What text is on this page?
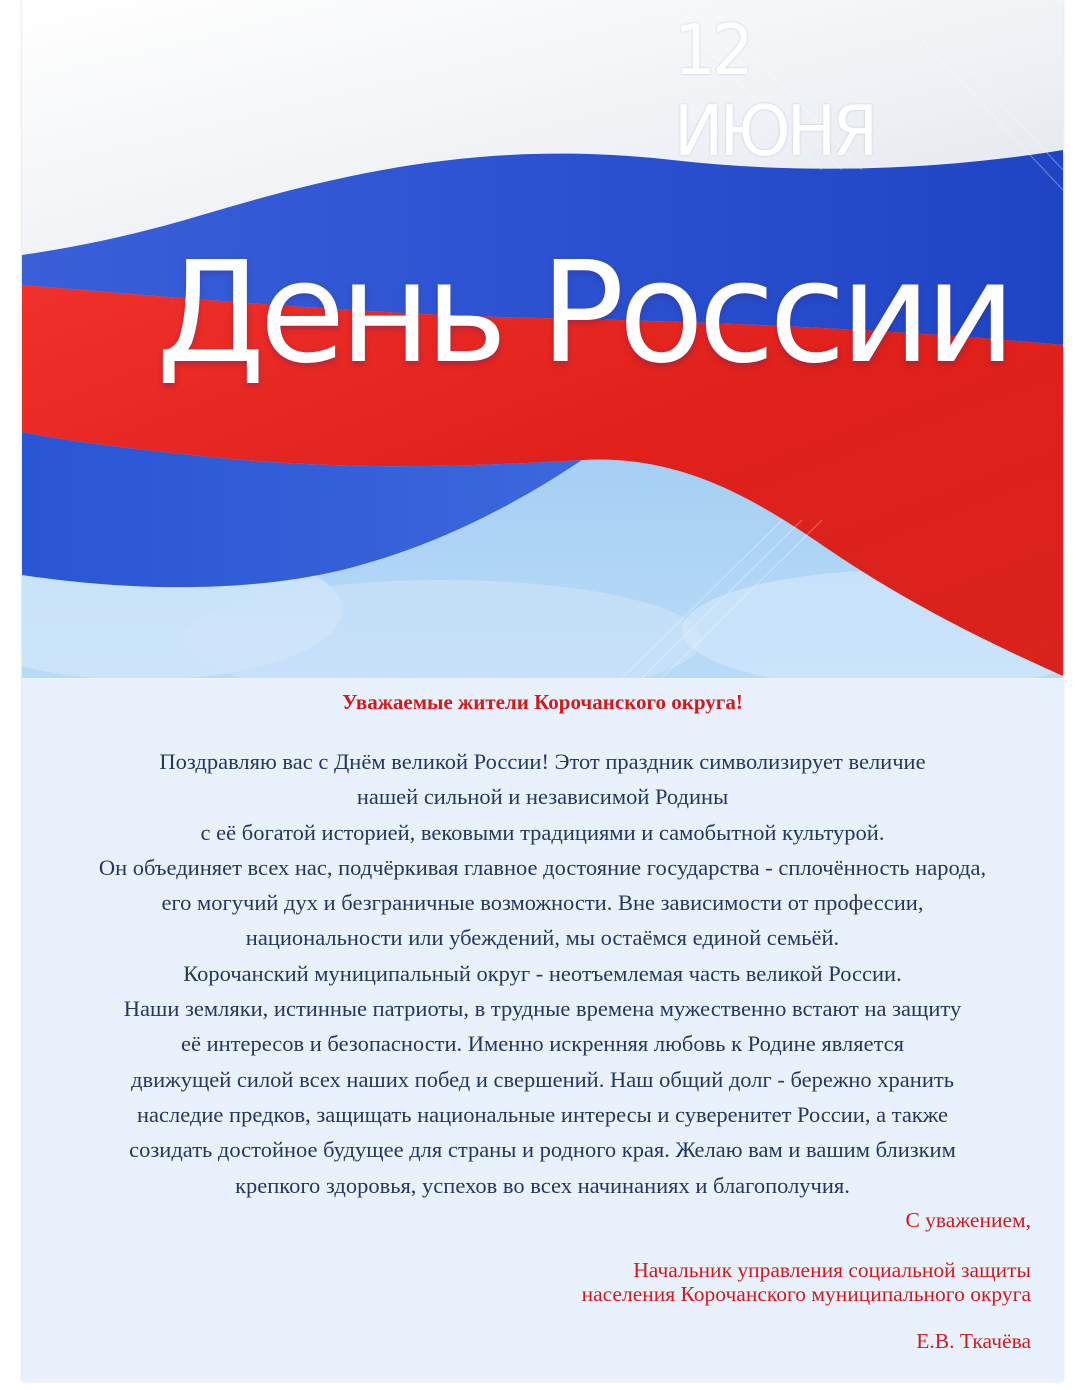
12 ИЮНЯ
День России
Уважаемые жители Корочанского округа!
Поздравляю вас с Днём великой России! Этот праздник символизирует величие
нашей сильной и независимой Родины
с её богатой историей, вековыми традициями и самобытной культурой.
Он объединяет всех нас, подчёркивая главное достояние государства - сплочённость народа,
его могучий дух и безграничные возможности. Вне зависимости от профессии,
национальности или убеждений, мы остаёмся единой семьёй.
Корочанский муниципальный округ - неотъемлемая часть великой России.
Наши земляки, истинные патриоты, в трудные времена мужественно встают на защиту
её интересов и безопасности. Именно искренняя любовь к Родине является
движущей силой всех наших побед и свершений. Наш общий долг - бережно хранить
наследие предков, защищать национальные интересы и суверенитет России, а также
созидать достойное будущее для страны и родного края. Желаю вам и вашим близким
крепкого здоровья, успехов во всех начинаниях и благополучия.
С уважением,
Начальник управления социальной защиты
населения Корочанского муниципального округа
Е.В. Ткачёва
